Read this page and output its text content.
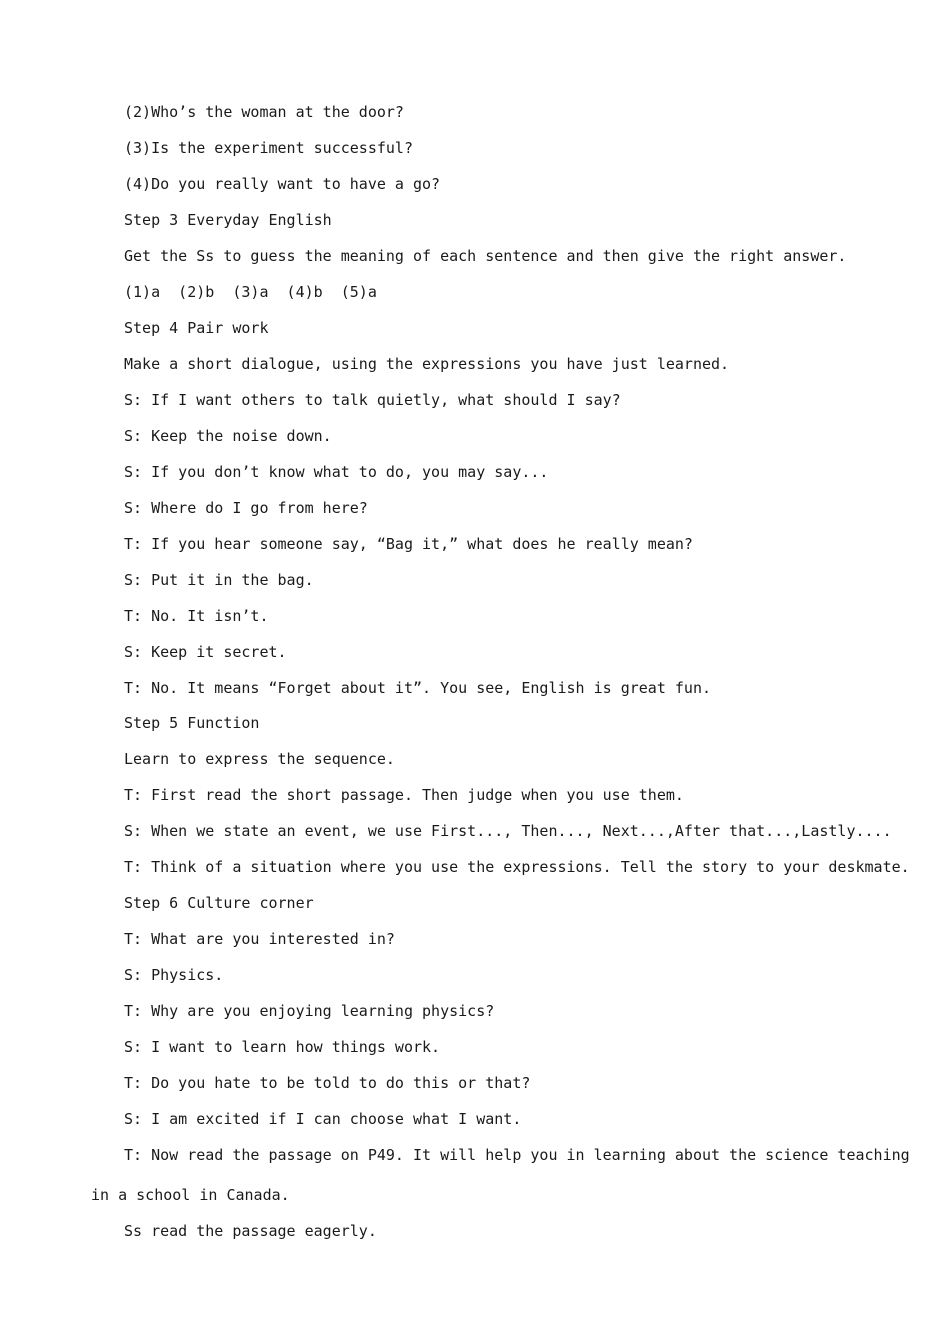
(2)Who’s the woman at the door?
(3)Is the experiment successful?
(4)Do you really want to have a go?
Step 3 Everyday English
Get the Ss to guess the meaning of each sentence and then give the right answer.
(1)a  (2)b  (3)a  (4)b  (5)a
Step 4 Pair work
Make a short dialogue, using the expressions you have just learned.
S: If I want others to talk quietly, what should I say?
S: Keep the noise down.
S: If you don’t know what to do, you may say...
S: Where do I go from here?
T: If you hear someone say, “Bag it,” what does he really mean?
S: Put it in the bag.
T: No. It isn’t.
S: Keep it secret.
T: No. It means “Forget about it”. You see, English is great fun.
Step 5 Function
Learn to express the sequence.
T: First read the short passage. Then judge when you use them.
S: When we state an event, we use First..., Then..., Next...,After that...,Lastly....
T: Think of a situation where you use the expressions. Tell the story to your deskmate.
Step 6 Culture corner
T: What are you interested in?
S: Physics.
T: Why are you enjoying learning physics?
S: I want to learn how things work.
T: Do you hate to be told to do this or that?
S: I am excited if I can choose what I want.
T: Now read the passage on P49. It will help you in learning about the science teaching
in a school in Canada.
Ss read the passage eagerly.
